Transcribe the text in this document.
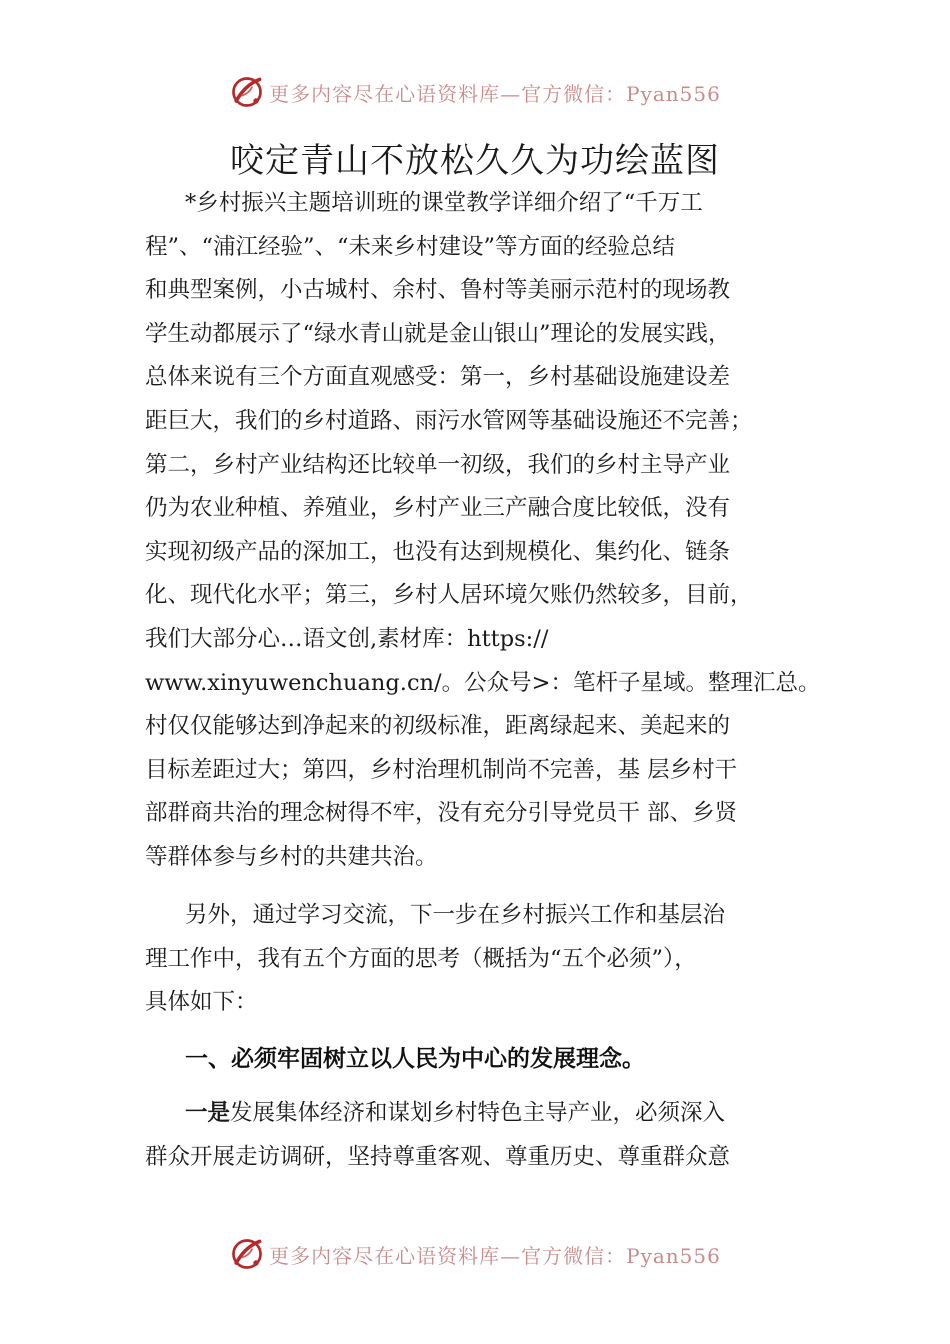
更多内容尽在心语资料库—官方微信：Pyan556
咬定青山不放松久久为功绘蓝图
*乡村振兴主题培训班的课堂教学详细介绍了“千万工
程”、“浦江经验”、“未来乡村建设”等方面的经验总结
和典型案例，小古城村、余村、鲁村等美丽示范村的现场教
学生动都展示了“绿水青山就是金山银山”理论的发展实践，
总体来说有三个方面直观感受：第一，乡村基础设施建设差
距巨大，我们的乡村道路、雨污水管网等基础设施还不完善；
第二，乡村产业结构还比较单一初级，我们的乡村主导产业
仍为农业种植、养殖业，乡村产业三产融合度比较低，没有
实现初级产品的深加工，也没有达到规模化、集约化、链条
化、现代化水平；第三，乡村人居环境欠账仍然较多，目前，
我们大部分心…语文创,素材库：https://
www.xinyuwenchuang.cn/。公众号>：笔杆子星域。整理汇总。
村仅仅能够达到净起来的初级标准，距离绿起来、美起来的
目标差距过大；第四，乡村治理机制尚不完善，基 层乡村干
部群商共治的理念树得不牢，没有充分引导党员干 部、乡贤
等群体参与乡村的共建共治。
另外，通过学习交流，下一步在乡村振兴工作和基层治
理工作中，我有五个方面的思考（概括为“五个必须”），
具体如下：
一、必须牢固树立以人民为中心的发展理念。
一是发展集体经济和谋划乡村特色主导产业，必须深入
群众开展走访调研，坚持尊重客观、尊重历史、尊重群众意
更多内容尽在心语资料库—官方微信：Pyan556
